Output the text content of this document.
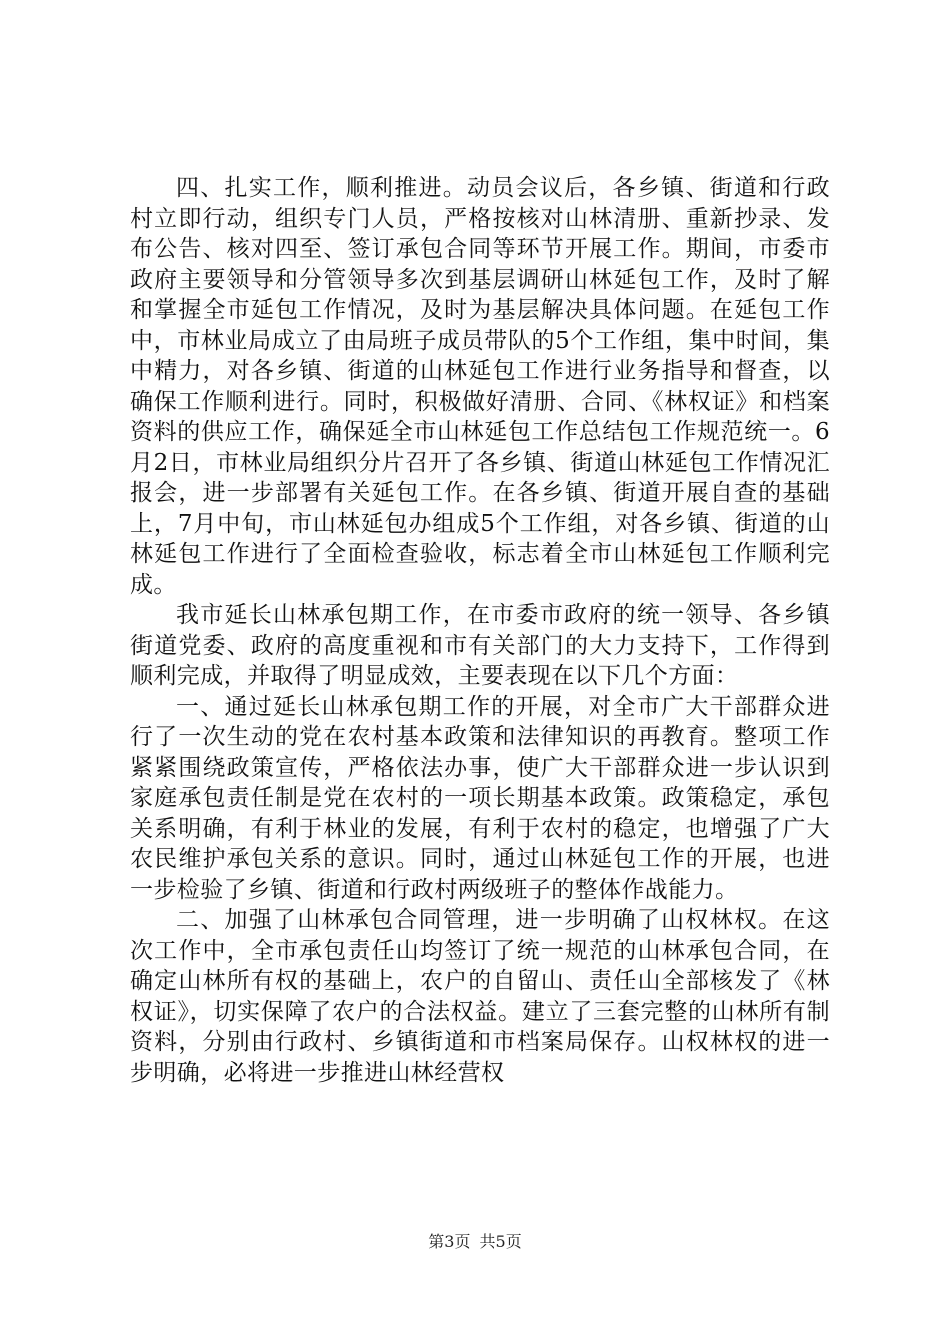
四、扎实工作，顺利推进。动员会议后，各乡镇、街道和行政村立即行动，组织专门人员，严格按核对山林清册、重新抄录、发布公告、核对四至、签订承包合同等环节开展工作。期间，市委市政府主要领导和分管领导多次到基层调研山林延包工作，及时了解和掌握全市延包工作情况，及时为基层解决具体问题。在延包工作中，市林业局成立了由局班子成员带队的5个工作组，集中时间，集中精力，对各乡镇、街道的山林延包工作进行业务指导和督查，以确保工作顺利进行。同时，积极做好清册、合同、《林权证》和档案资料的供应工作，确保延全市山林延包工作总结包工作规范统一。6月2日，市林业局组织分片召开了各乡镇、街道山林延包工作情况汇报会，进一步部署有关延包工作。在各乡镇、街道开展自查的基础上，7月中旬，市山林延包办组成5个工作组，对各乡镇、街道的山林延包工作进行了全面检查验收，标志着全市山林延包工作顺利完成。

我市延长山林承包期工作，在市委市政府的统一领导、各乡镇街道党委、政府的高度重视和市有关部门的大力支持下，工作得到顺利完成，并取得了明显成效，主要表现在以下几个方面：

一、通过延长山林承包期工作的开展，对全市广大干部群众进行了一次生动的党在农村基本政策和法律知识的再教育。整项工作紧紧围绕政策宣传，严格依法办事，使广大干部群众进一步认识到家庭承包责任制是党在农村的一项长期基本政策。政策稳定，承包关系明确，有利于林业的发展，有利于农村的稳定，也增强了广大农民维护承包关系的意识。同时，通过山林延包工作的开展，也进一步检验了乡镇、街道和行政村两级班子的整体作战能力。

二、加强了山林承包合同管理，进一步明确了山权林权。在这次工作中，全市承包责任山均签订了统一规范的山林承包合同，在确定山林所有权的基础上，农户的自留山、责任山全部核发了《林权证》，切实保障了农户的合法权益。建立了三套完整的山林所有制资料，分别由行政村、乡镇街道和市档案局保存。山权林权的进一步明确，必将进一步推进山林经营权

第3页 共5页
